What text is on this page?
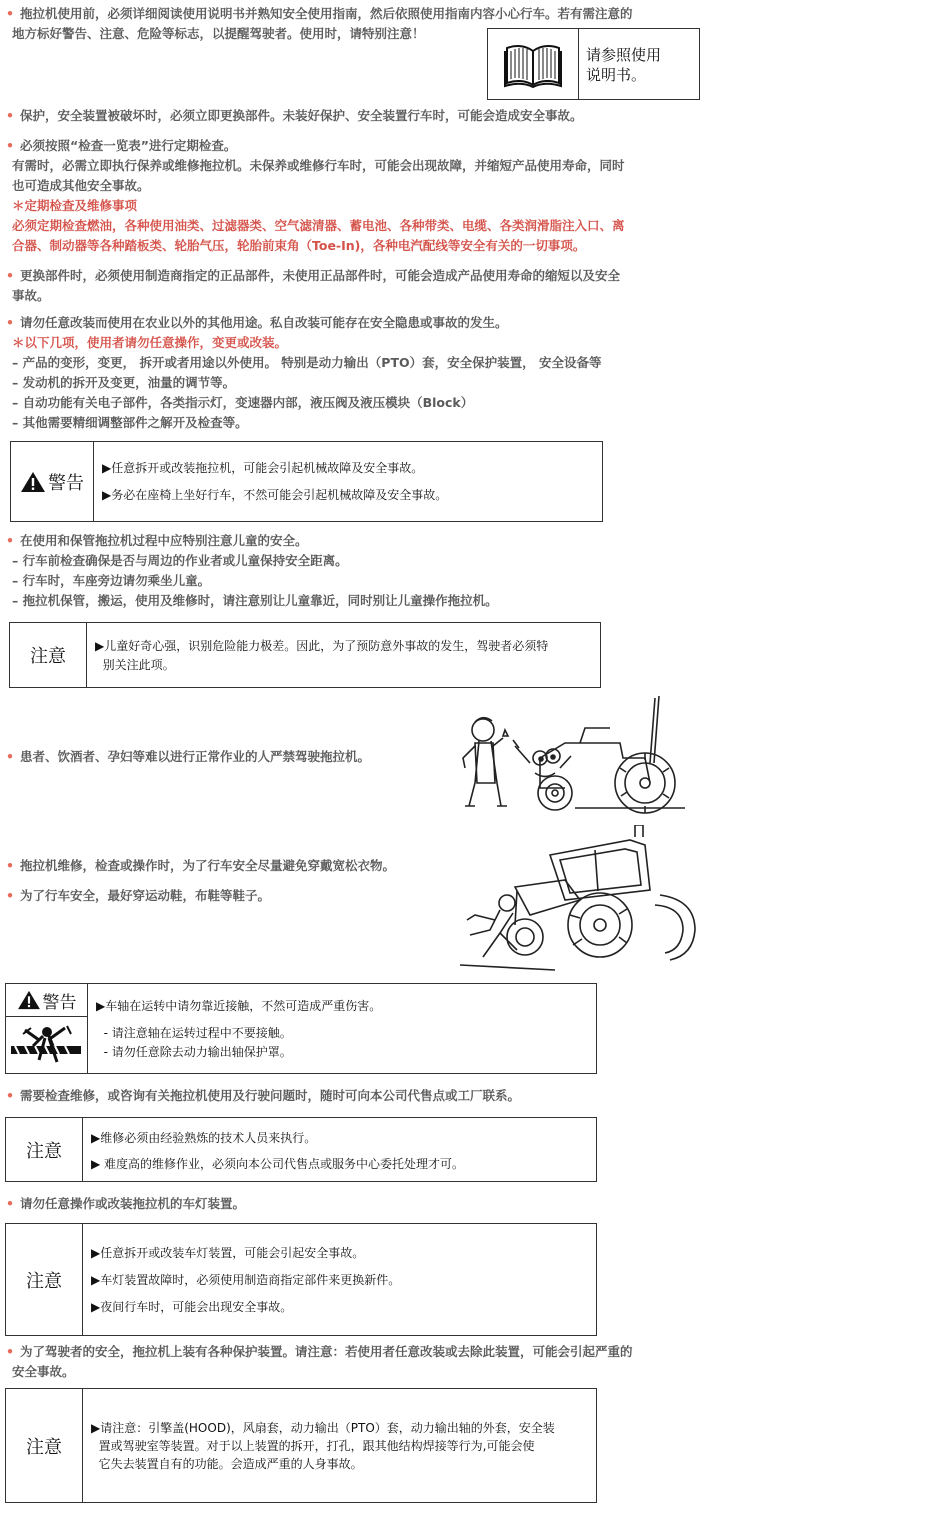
• 拖拉机使用前，必须详细阅读使用说明书并熟知安全使用指南，然后依照使用指南内容小心行车。若有需注意的
地方标好警告、注意、危险等标志，以提醒驾驶者。使用时，请特别注意！
请参照使用
说明书。
• 保护，安全装置被破坏时，必须立即更换部件。未装好保护、安全装置行车时，可能会造成安全事故。
• 必须按照“检查一览表”进行定期检查。
有需时，必需立即执行保养或维修拖拉机。未保养或维修行车时，可能会出现故障，并缩短产品使用寿命，同时
也可造成其他安全事故。
＊定期检查及维修事项
必须定期检查燃油，各种使用油类、过滤器类、空气滤清器、蓄电池、各种带类、电缆、各类润滑脂注入口、离
合器、制动器等各种踏板类、轮胎气压，轮胎前束角（Toe-In)，各种电汽配线等安全有关的一切事项。
• 更换部件时，必须使用制造商指定的正品部件，未使用正品部件时，可能会造成产品使用寿命的缩短以及安全
事故。
• 请勿任意改装而使用在农业以外的其他用途。私自改装可能存在安全隐患或事故的发生。
＊以下几项，使用者请勿任意操作，变更或改装。
– 产品的变形，变更， 拆开或者用途以外使用。 特别是动力输出（PTO）套，安全保护装置， 安全设备等
– 发动机的拆开及变更，油量的调节等。
– 自动功能有关电子部件，各类指示灯，变速器内部，液压阀及液压模块（Block）
– 其他需要精细调整部件之解开及检查等。
警告
▶任意拆开或改装拖拉机，可能会引起机械故障及安全事故。
▶务必在座椅上坐好行车，不然可能会引起机械故障及安全事故。
• 在使用和保管拖拉机过程中应特别注意儿童的安全。
– 行车前检查确保是否与周边的作业者或儿童保持安全距离。
– 行车时，车座旁边请勿乘坐儿童。
– 拖拉机保管，搬运，使用及维修时，请注意别让儿童靠近，同时别让儿童操作拖拉机。
注意	▶儿童好奇心强，识别危险能力极差。因此，为了预防意外事故的发生，驾驶者必须特
别关注此项。
• 患者、饮酒者、孕妇等难以进行正常作业的人严禁驾驶拖拉机。
• 拖拉机维修，检查或操作时，为了行车安全尽量避免穿戴宽松衣物。
• 为了行车安全，最好穿运动鞋，布鞋等鞋子。
警告 ▶车轴在运转中请勿靠近接触，不然可造成严重伤害。
- 请注意轴在运转过程中不要接触。
- 请勿任意除去动力输出轴保护罩。
• 需要检查维修，或咨询有关拖拉机使用及行驶问题时，随时可向本公司代售点或工厂联系。
注意
▶维修必须由经验熟炼的技术人员来执行。
▶ 难度高的维修作业，必须向本公司代售点或服务中心委托处理才可。
• 请勿任意操作或改装拖拉机的车灯装置。
注意
▶任意拆开或改装车灯装置，可能会引起安全事故。
▶车灯装置故障时，必须使用制造商指定部件来更换新件。
▶夜间行车时，可能会出现安全事故。
• 为了驾驶者的安全，拖拉机上装有各种保护装置。请注意：若使用者任意改装或去除此装置，可能会引起严重的
安全事故。
注意
▶请注意：引擎盖(HOOD)，风扇套，动力输出（PTO）套，动力输出轴的外套，安全装
置或驾驶室等装置。对于以上装置的拆开，打孔，跟其他结构焊接等行为,可能会使
它失去装置自有的功能。会造成严重的人身事故。
